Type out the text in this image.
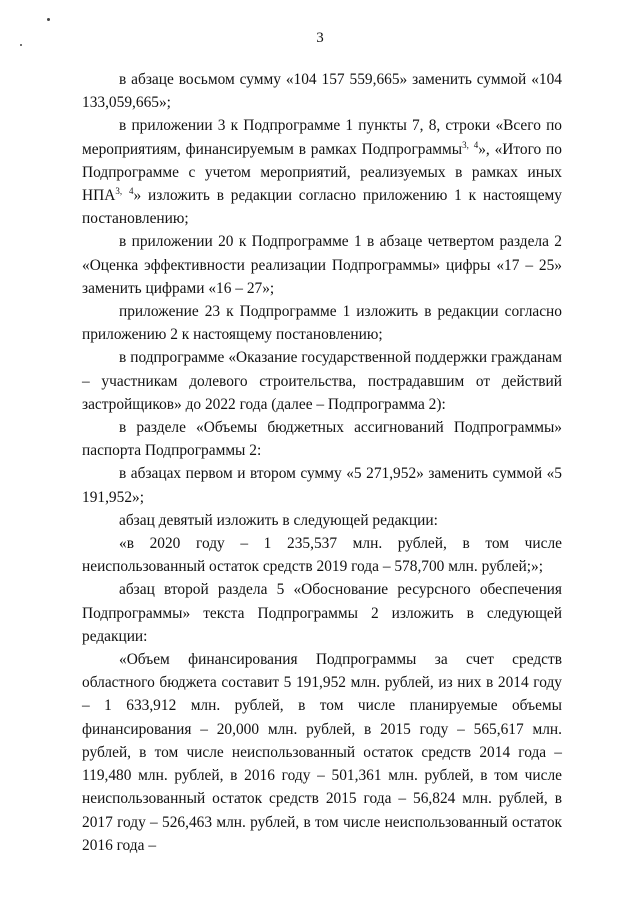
3

в абзаце восьмом сумму «104 157 559,665» заменить суммой «104 133,059,665»;

в приложении 3 к Подпрограмме 1 пункты 7, 8, строки «Всего по мероприятиям, финансируемым в рамках Подпрограммы$^{3,}$ $^4$», «Итого по Подпрограмме с учетом мероприятий, реализуемых в рамках иных $НПА^{3,}$ $^4$» изложить в редакции согласно приложению 1 к настоящему постановлению;

в приложении 20 к Подпрограмме 1 в абзаце четвертом раздела 2 «Оценка эффективности реализации Подпрограммы» цифры «17 – 25» заменить цифрами «16 – 27»;

приложение 23 к Подпрограмме 1 изложить в редакции согласно приложению 2 к настоящему постановлению;

в подпрограмме «Оказание государственной поддержки гражданам – участникам долевого строительства, пострадавшим от действий застройщиков» до 2022 года (далее – Подпрограмма 2):

в разделе «Объемы бюджетных ассигнований Подпрограммы» паспорта Подпрограммы 2:

в абзацах первом и втором сумму «5 271,952» заменить суммой «5 191,952»;

абзац девятый изложить в следующей редакции:

«в 2020 году – 1 235,537 млн. рублей, в том числе неиспользованный остаток средств 2019 года – 578,700 млн. рублей;»;

абзац второй раздела 5 «Обоснование ресурсного обеспечения Подпрограммы» текста Подпрограммы 2 изложить в следующей редакции:

«Объем финансирования Подпрограммы за счет средств областного бюджета составит 5 191,952 млн. рублей, из них в 2014 году – 1 633,912 млн. рублей, в том числе планируемые объемы финансирования – 20,000 млн. рублей, в 2015 году – 565,617 млн. рублей, в том числе неиспользованный остаток средств 2014 года – 119,480 млн. рублей, в 2016 году – 501,361 млн. рублей, в том числе неиспользованный остаток средств 2015 года – 56,824 млн. рублей, в 2017 году – 526,463 млн. рублей, в том числе неиспользованный остаток 2016 года –
